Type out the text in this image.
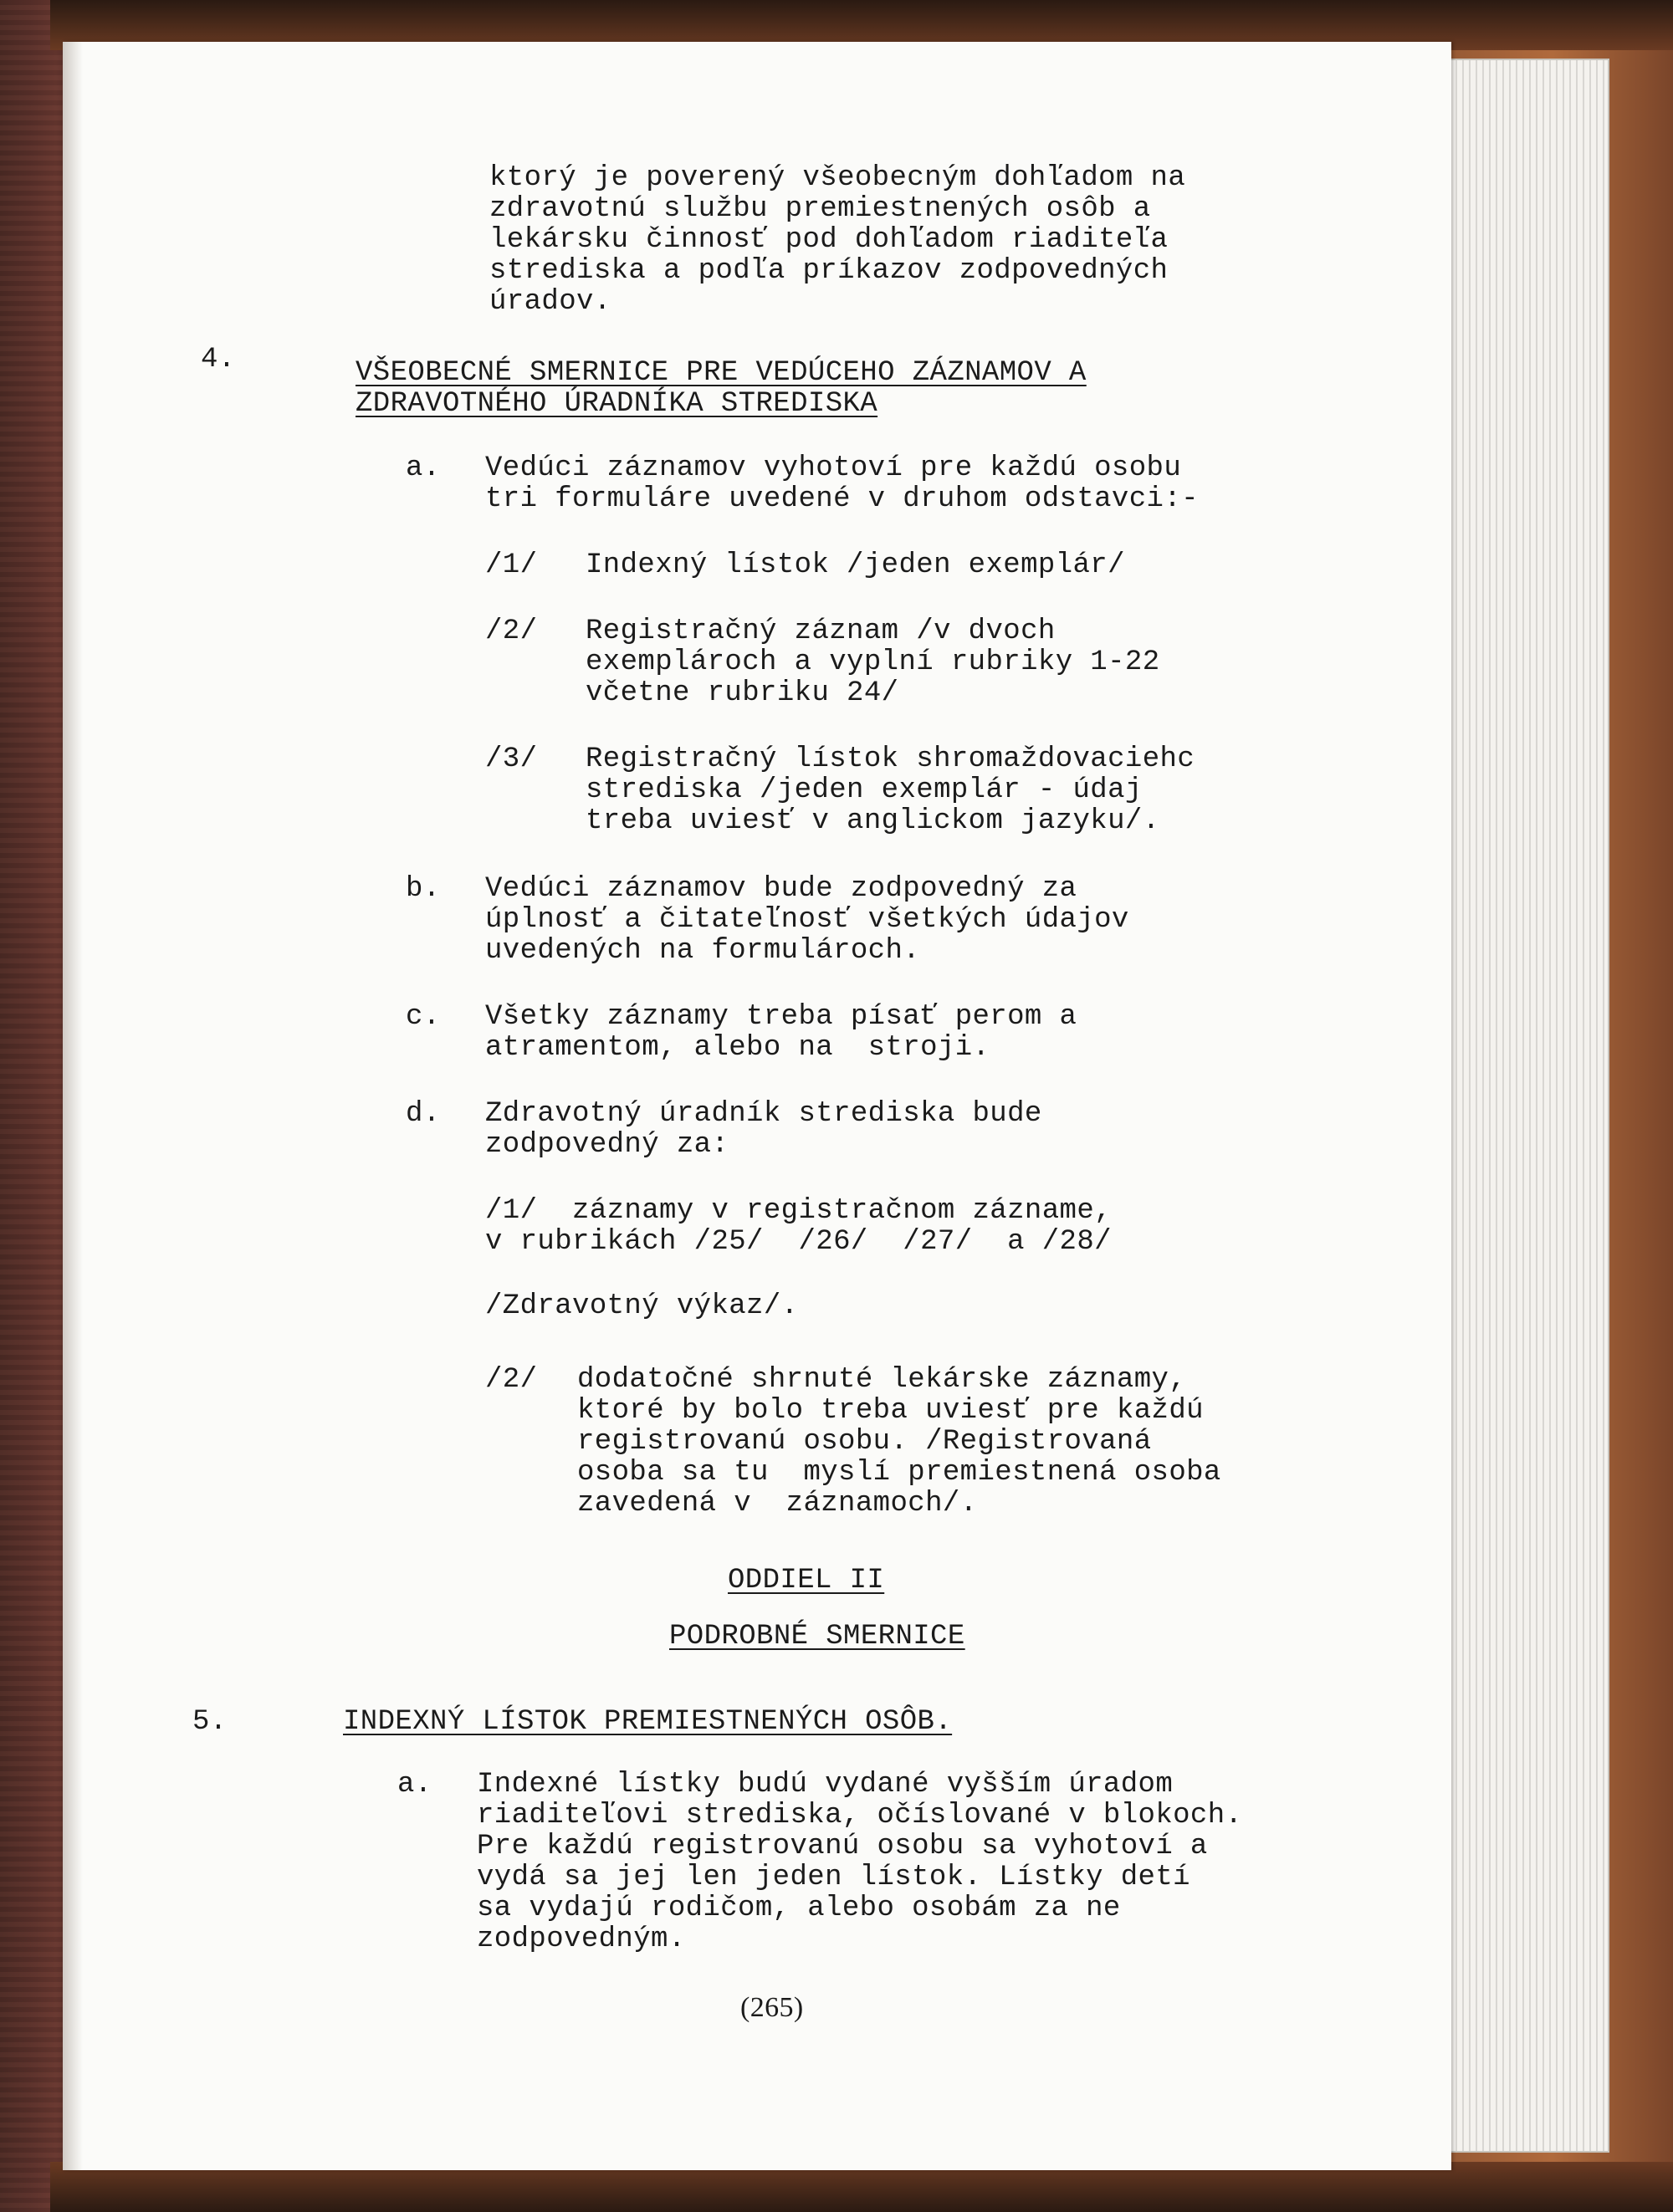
ktorý je poverený všeobecným dohľadom na
zdravotnú službu premiestnených osôb a
lekársku činnosť pod dohľadom riaditeľa
strediska a podľa príkazov zodpovedných
úradov.
4.	VŠEOBECNÉ SMERNICE PRE VEDÚCEHO ZÁZNAMOV A
ZDRAVOTNÉHO ÚRADNÍKA STREDISKA
a. Vedúci záznamov vyhotoví pre každú osobu
tri formuláre uvedené v druhom odstavci:-
/1/ Indexný lístok /jeden exemplár/
/2/ Registračný záznam /v dvoch
exemplároch a vyplní rubriky 1-22
včetne rubriku 24/
/3/ Registračný lístok shromaždovaciehc
strediska /jeden exemplár - údaj
treba uviesť v anglickom jazyku/.
b. Vedúci záznamov bude zodpovedný za
úplnosť a čitateľnosť všetkých údajov
uvedených na formulároch.
c. Všetky záznamy treba písať perom a
atramentom, alebo na  stroji.
d. Zdravotný úradník strediska bude
zodpovedný za:
/1/  záznamy v registračnom zázname,
v rubrikách /25/  /26/  /27/  a /28/
/Zdravotný výkaz/.
/2/ dodatočné shrnuté lekárske záznamy,
ktoré by bolo treba uviesť pre každú
registrovanú osobu. /Registrovaná
osoba sa tu  myslí premiestnená osoba
zavedená v  záznamoch/.
ODDIEL II
PODROBNÉ SMERNICE
5.	INDEXNÝ LÍSTOK PREMIESTNENÝCH OSÔB.
a. Indexné lístky budú vydané vyšším úradom
riaditeľovi strediska, očíslované v blokoch.
Pre každú registrovanú osobu sa vyhotoví a
vydá sa jej len jeden lístok. Lístky detí
sa vydajú rodičom, alebo osobám za ne
zodpovedným.
(265)
